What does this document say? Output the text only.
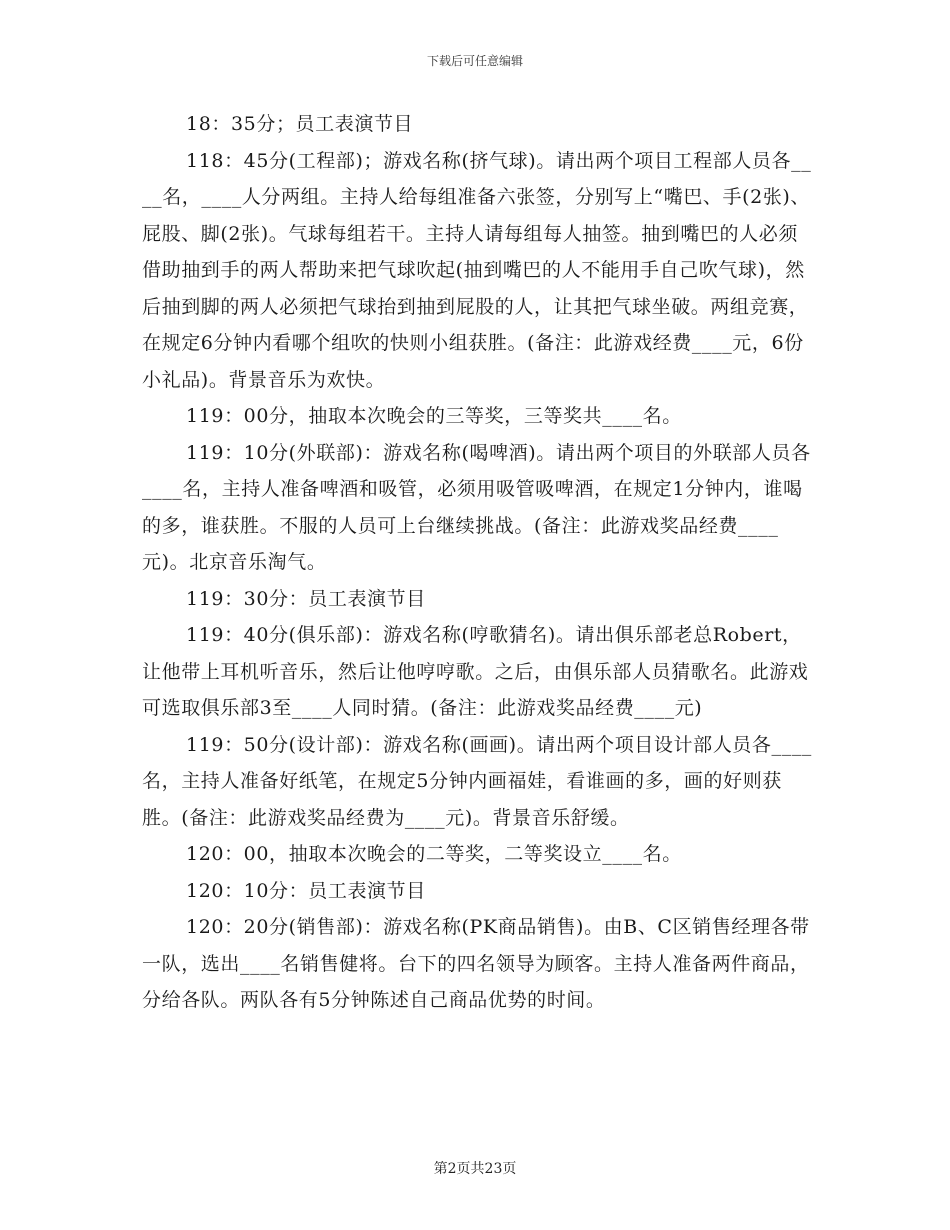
下载后可任意编辑

18：35分；员工表演节目

118：45分(工程部)；游戏名称(挤气球)。请出两个项目工程部人员各____名，____人分两组。主持人给每组准备六张签，分别写上“嘴巴、手(2张)、屁股、脚(2张)。气球每组若干。主持人请每组每人抽签。抽到嘴巴的人必须借助抽到手的两人帮助来把气球吹起(抽到嘴巴的人不能用手自己吹气球)，然后抽到脚的两人必须把气球抬到抽到屁股的人，让其把气球坐破。两组竞赛，在规定6分钟内看哪个组吹的快则小组获胜。(备注：此游戏经费____元，6份小礼品)。背景音乐为欢快。

119：00分，抽取本次晚会的三等奖，三等奖共____名。

119：10分(外联部)：游戏名称(喝啤酒)。请出两个项目的外联部人员各____名，主持人准备啤酒和吸管，必须用吸管吸啤酒，在规定1分钟内，谁喝的多，谁获胜。不服的人员可上台继续挑战。(备注：此游戏奖品经费____元)。北京音乐淘气。

119：30分：员工表演节目

119：40分(俱乐部)：游戏名称(哼歌猜名)。请出俱乐部老总Robert，让他带上耳机听音乐，然后让他哼哼歌。之后，由俱乐部人员猜歌名。此游戏可选取俱乐部3至____人同时猜。(备注：此游戏奖品经费____元)

119：50分(设计部)：游戏名称(画画)。请出两个项目设计部人员各____名，主持人准备好纸笔，在规定5分钟内画福娃，看谁画的多，画的好则获胜。(备注：此游戏奖品经费为____元)。背景音乐舒缓。

120：00，抽取本次晚会的二等奖，二等奖设立____名。

120：10分：员工表演节目

120：20分(销售部)：游戏名称(PK商品销售)。由B、C区销售经理各带一队，选出____名销售健将。台下的四名领导为顾客。主持人准备两件商品，分给各队。两队各有5分钟陈述自己商品优势的时间。

第2页共23页
